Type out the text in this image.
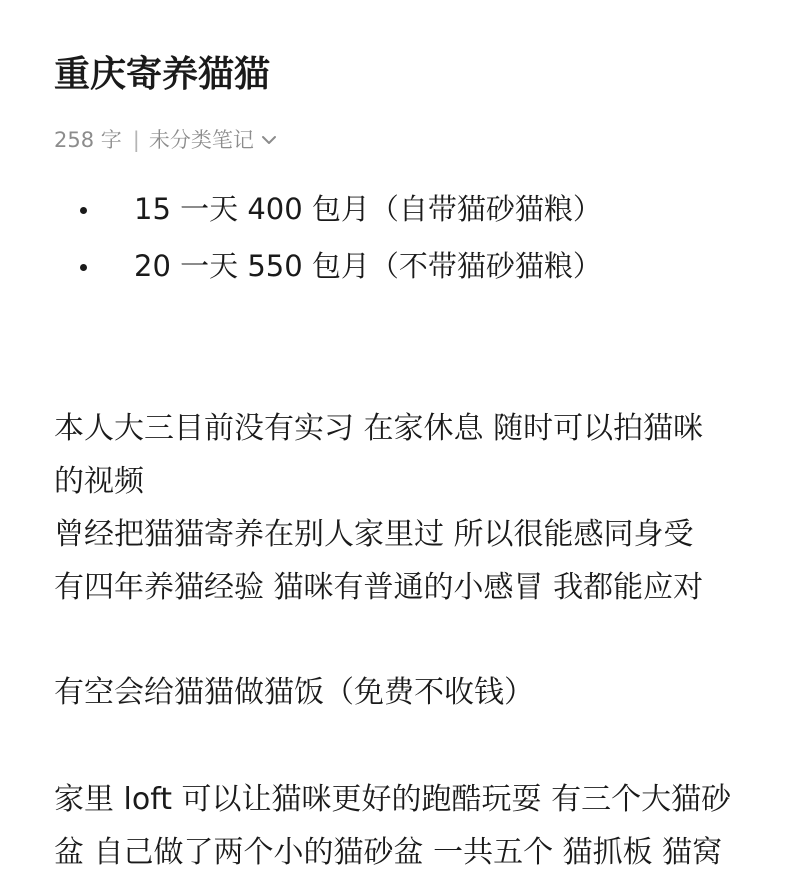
重庆寄养猫猫
258 字 | 未分类笔记
15 一天 400 包月（自带猫砂猫粮）
20 一天 550 包月（不带猫砂猫粮）
本人大三目前没有实习 在家休息 随时可以拍猫咪
的视频
曾经把猫猫寄养在别人家里过 所以很能感同身受
有四年养猫经验 猫咪有普通的小感冒 我都能应对
有空会给猫猫做猫饭（免费不收钱）
家里 loft 可以让猫咪更好的跑酷玩耍 有三个大猫砂
盆 自己做了两个小的猫砂盆 一共五个 猫抓板 猫窝
